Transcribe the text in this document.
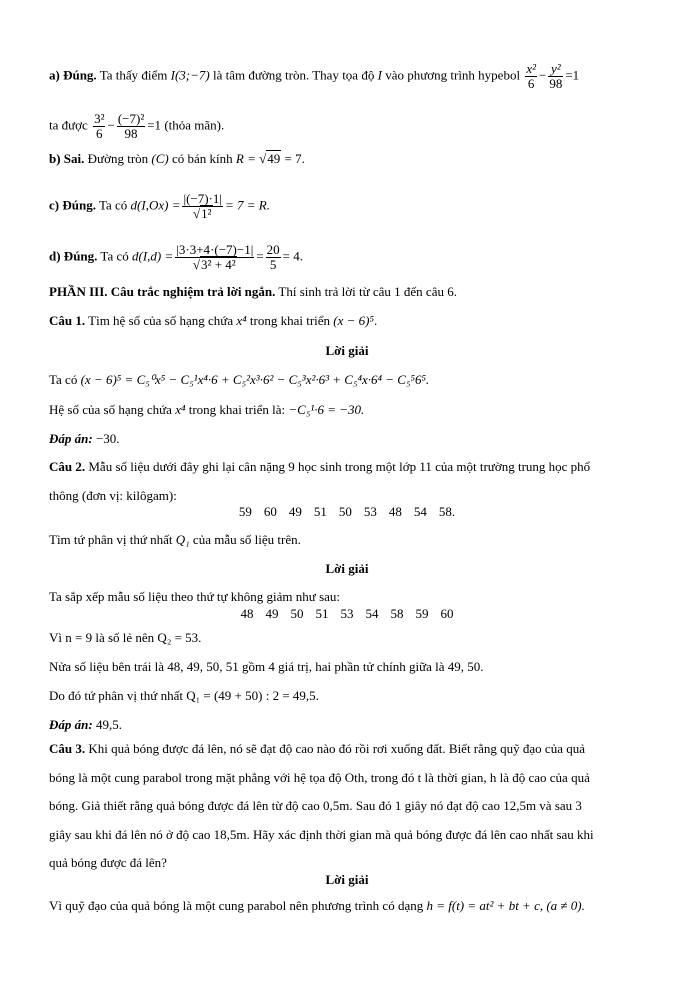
a) Đúng. Ta thấy điểm I(3;−7) là tâm đường tròn. Thay tọa độ I vào phương trình hypebol $\frac{\text{x²}}{6} - \frac{\text{y²}}{98} =1$
ta được $\frac{\text{3²}}{6} - \frac{\text{(−7)²}}{98} =1$ (thỏa mãn).
b) Sai. Đường tròn (C) có bán kính R = √49 = 7.
c) Đúng. Ta có $d(I,Ox) = \frac{|(-7)\cdot 1|}{\text{√1²}} = 7 = R$.
d) Đúng. Ta có $d(I,d) = \frac{|3\cdot 3+4\cdot(-7)-1|}{\text{√3² + 4²}} = \frac{20}{5} = 4$.
PHẦN III. Câu trắc nghiệm trả lời ngắn. Thí sinh trả lời từ câu 1 đến câu 6.
Câu 1. Tìm hệ số của số hạng chứa x⁴ trong khai triển (x − 6)⁵.
Lời giải
Ta có (x − 6)⁵ = C₅⁰x⁵ − C₅¹x⁴·6 + C₅²x³·6² − C₅³x²·6³ + C₅⁴x·6⁴ − C₅⁵6⁵.
Hệ số của số hạng chứa x⁴ trong khai triển là: −C₅¹·6 = −30.
Đáp án: −30.
Câu 2. Mẫu số liệu dưới đây ghi lại cân nặng 9 học sinh trong một lớp 11 của một trường trung học phổ
thông (đơn vị: kilôgam):
59 60 49 51 50 53 48 54 58.
Tìm tứ phân vị thứ nhất Q₁ của mẫu số liệu trên.
Lời giải
Ta sắp xếp mẫu số liệu theo thứ tự không giảm như sau:
48 49 50 51 53 54 58 59 60
Vì n = 9 là số lẻ nên Q₂ = 53.
Nửa số liệu bên trái là 48, 49, 50, 51 gồm 4 giá trị, hai phần tử chính giữa là 49, 50.
Do đó tứ phân vị thứ nhất Q₁ = (49 + 50) : 2 = 49,5.
Đáp án: 49,5.
Câu 3. Khi quả bóng được đá lên, nó sẽ đạt độ cao nào đó rồi rơi xuống đất. Biết rằng quỹ đạo của quả
bóng là một cung parabol trong mặt phẳng với hệ tọa độ Oth, trong đó t là thời gian, h là độ cao của quả
bóng. Giả thiết rằng quả bóng được đá lên từ độ cao 0,5m. Sau đó 1 giây nó đạt độ cao 12,5m và sau 3
giây sau khi đá lên nó ở độ cao 18,5m. Hãy xác định thời gian mà quả bóng được đá lên cao nhất sau khi
quả bóng được đá lên?
Lời giải
Vì quỹ đạo của quả bóng là một cung parabol nên phương trình có dạng h = f(t) = at² + bt + c, (a ≠ 0).
